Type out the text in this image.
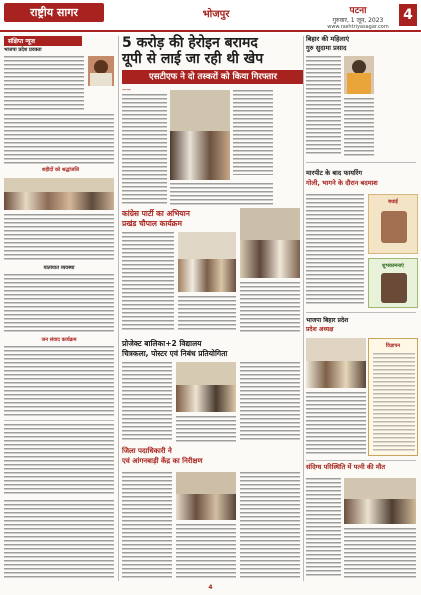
राष्ट्रीय सागर	भोजपुर	पटना
गुरुवार, 1 जून, 2023
www.rashtriyasagar.com
4
संक्षिप्त न्यूज
भाजपा प्रदेश प्रवक्ता
शहीदों को श्रद्धांजलि
यातायात व्यवस्था
जन संवाद कार्यक्रम
5 करोड़ की हेरोइन बरामद
यूपी से लाई जा रही थी खेप
एसटीएफ ने दो तस्करों को किया गिरफ्तार
——
कांग्रेस पार्टी का अभियान
प्रखंड चौपाल कार्यक्रम
प्रोजेक्ट बालिका+2 विद्यालय
चित्रकला, पोस्टर एवं निबंध प्रतियोगिता
जिला पदाधिकारी ने
एवं आंगनबाड़ी केंद्र का निरीक्षण
बिहार की महिलाएं
गुरु सुदामा प्रसाद
मारपीट के बाद फायरिंग
गोली, भागने के दौरान बदमाश
बधाई
शुभकामनाएं
भाजपा बिहार प्रदेश
प्रदेश अध्यक्ष
विज्ञापन
संदिग्ध परिस्थिति में पत्नी की मौत
4
